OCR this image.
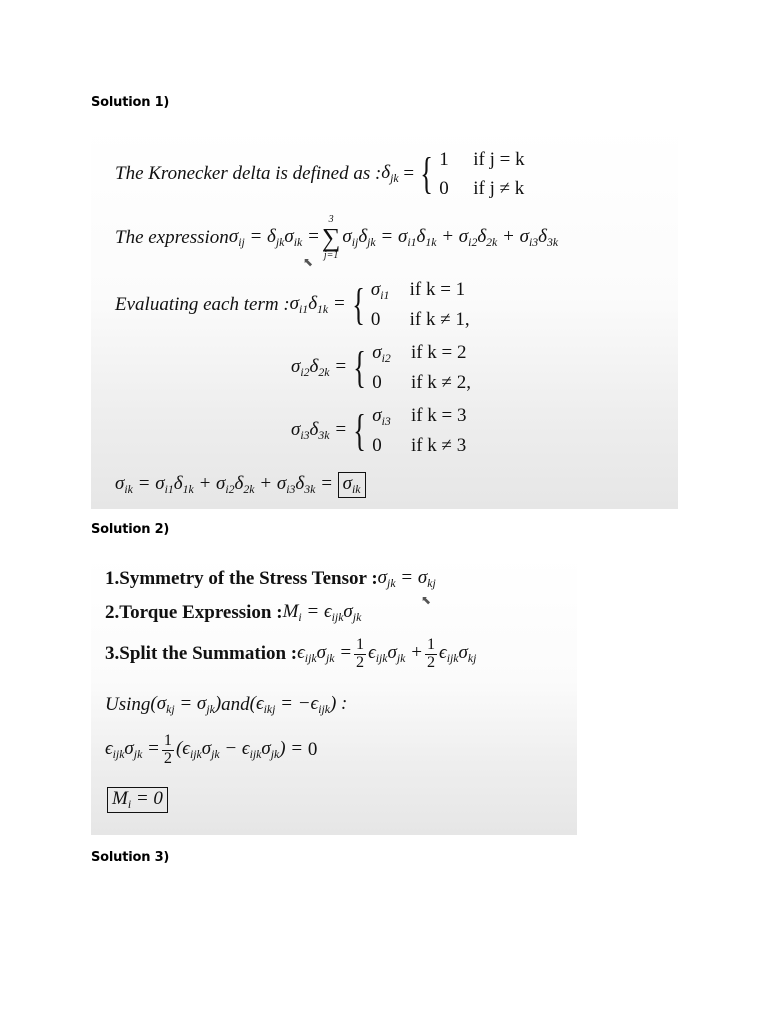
Solution 1)
Solution 2)
Solution 3)
The Kronecker delta is defined as : $\delta_{jk}$ = { 1	if j = k
0	if j ≠ k
The expression $\sigma_{ij} = \delta_{jk}\sigma_{ik}$ =
3
∑
j=1
$\sigma_{ij}\delta_{jk} = \sigma_{i1}\delta_{1k} + \sigma_{i2}\delta_{2k} + \sigma_{i3}\delta_{3k}$
⬉
Evaluating each term : $\sigma_{i1}\delta_{1k}$ = { $\sigma_{i1}$
	if k = 1
0
	if k ≠ 1 ,
$\sigma_{i2}\delta_{2k}$ = { $\sigma_{i2}$
	if k = 2
0
	if k ≠ 2 ,
$\sigma_{i3}\delta_{3k}$ = { $\sigma_{i3}$
	if k = 3
0
	if k ≠ 3
$\sigma_{ik} = \sigma_{i1}\delta_{1k} + \sigma_{i2}\delta_{2k} + \sigma_{i3}\delta_{3k} = \sigma_{ik}$
1.Symmetry of the Stress Tensor : $\sigma_{jk} = \sigma_{kj}$
⬉
2.Torque Expression : $M_i = \epsilon_{ijk}\sigma_{jk}$
3.Split the Summation : $\epsilon_{ijk}\sigma_{jk} = \frac{1}{2} \epsilon_{ijk}\sigma_{jk} + \frac{1}{2} \epsilon_{ijk}\sigma_{kj}$
Using $(\sigma_{kj} = \sigma_{jk})$ and $(\epsilon_{ikj} = -\epsilon_{ijk})$ :
$\epsilon_{ijk}\sigma_{jk} = \frac{1}{2} (\epsilon_{ijk}\sigma_{jk} - \epsilon_{ijk}\sigma_{jk}) = 0$
$M_i = 0$
